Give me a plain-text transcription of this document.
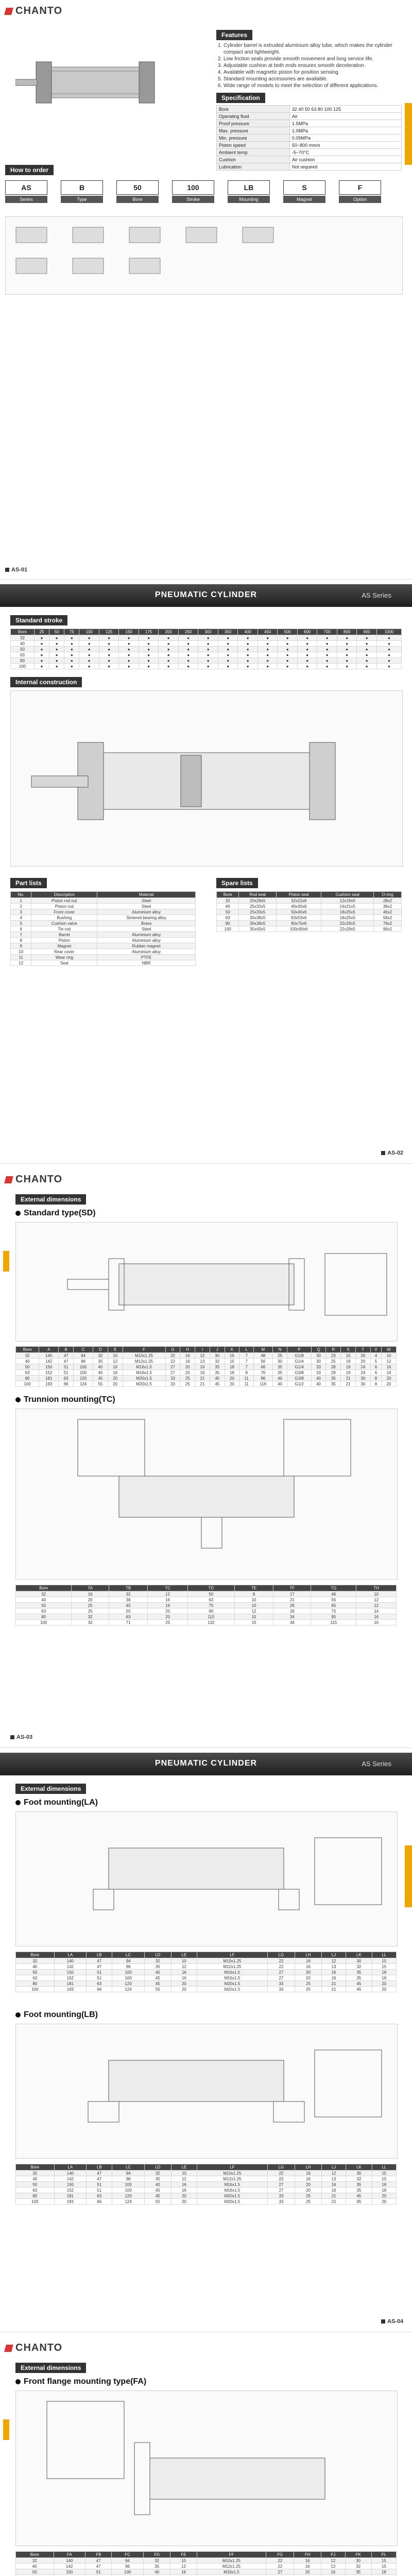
CHANTO
Features
1. Cylinder barrel is extruded aluminium alloy tube, which makes the cylinder compact and lightweight.
2. Low friction seals provide smooth movement and long service life.
3. Adjustable cushion at both ends ensures smooth deceleration.
4. Available with magnetic piston for position sensing.
5. Standard mounting accessories are available.
6. Wide range of models to meet the selection of different applications.
Specification
Bore	32 40 50 63 80 100 125
Operating fluid	Air
Proof pressure	1.5MPa
Max. pressure	1.0MPa
Min. pressure	0.05MPa
Piston speed	50~800 mm/s
Ambient temp.	-5~70°C
Cushion	Air cushion
Lubrication	Not required
How to order
AS-01
AS
Series
B
Type
50
Bore
100
Stroke
LB
Mounting
S
Magnet
F
Option
PNEUMATIC CYLINDER	AS Series
Standard stroke
Bore	25	50	75	100	125	150	175	200	250	300	350	400	450	500	600	700	800	900	1000
32	●	●	●	●	●	●	●	●	●	●	●	●	●	●	●	●	●	●	●
40	●	●	●	●	●	●	●	●	●	●	●	●	●	●	●	●	●	●	●
50	●	●	●	●	●	●	●	●	●	●	●	●	●	●	●	●	●	●	●
63	●	●	●	●	●	●	●	●	●	●	●	●	●	●	●	●	●	●	●
80	●	●	●	●	●	●	●	●	●	●	●	●	●	●	●	●	●	●	●
100	●	●	●	●	●	●	●	●	●	●	●	●	●	●	●	●	●	●	●
Internal construction
Part lists
No.	Description	Material
1	Piston rod nut	Steel
2	Piston rod	Steel
3	Front cover	Aluminium alloy
4	Bushing	Sintered bearing alloy
5	Cushion valve	Brass
6	Tie rod	Steel
7	Barrel	Aluminium alloy
8	Piston	Aluminium alloy
9	Magnet	Rubber magnet
10	Rear cover	Aluminium alloy
11	Wear ring	PTFE
12	Seal	NBR
Spare lists
Bore	Rod seal	Piston seal	Cushion seal	O-ring
32	20x28x5	32x22x6	12x19x5	28x2
40	25x33x5	40x30x6	14x21x5	36x2
50	25x33x5	50x40x6	18x25x5	46x2
63	30x38x5	63x53x6	18x25x5	58x2
80	30x38x5	80x70x6	22x29x5	76x2
100	35x43x5	100x90x6	22x29x5	96x2
AS-02
CHANTO
External dimensions
Standard type(SD)
Bore	A	B	C	D	E	F	G	H	I	J	K	L	M	N	P	Q	R	S	T	V	W
32	140	47	94	32	10	M10x1.25	22	16	12	30	15	7	48	25	G1/8	30	23	15	20	4	10
40	142	47	96	35	12	M12x1.25	22	16	13	32	15	7	56	30	G1/4	30	25	16	20	5	12
50	150	51	100	40	16	M16x1.5	27	20	16	35	18	7	66	35	G1/4	33	28	19	24	6	16
63	152	51	100	45	16	M16x1.5	27	20	16	35	18	9	76	35	G3/8	33	28	19	24	6	16
80	181	63	120	45	20	M20x1.5	33	25	21	45	20	11	96	40	G3/8	40	35	21	30	8	20
100	193	66	124	55	20	M20x1.5	33	25	21	45	20	11	116	40	G1/2	40	35	21	30	8	20
Trunnion mounting(TC)
Bore	TA	TB	TC	TD	TE	TF	TG	TH
32	16	32	12	50	8	17	46	10
40	20	36	16	63	10	21	55	12
50	25	45	16	75	10	26	65	12
63	25	50	20	90	12	26	75	14
80	32	63	20	110	15	34	95	16
100	32	71	25	132	15	34	115	16
AS-03
PNEUMATIC CYLINDER	AS Series
External dimensions
Foot mounting(LA)
Bore	LA	LB	LC	LD	LE	LF	LG	LH	LJ	LK	LL
32	140	47	94	32	10	M10x1.25	22	16	12	30	15
40	142	47	96	35	12	M12x1.25	22	16	13	32	15
50	150	51	100	40	16	M16x1.5	27	20	16	35	18
63	152	51	100	45	16	M16x1.5	27	20	16	35	18
80	181	63	120	45	20	M20x1.5	33	25	21	45	20
100	193	66	124	55	20	M20x1.5	33	25	21	45	20
Foot mounting(LB)
Bore	LA	LB	LC	LD	LE	LF	LG	LH	LJ	LK	LL
32	140	47	94	32	10	M10x1.25	22	16	12	30	15
40	142	47	96	35	12	M12x1.25	22	16	13	32	15
50	150	51	100	40	16	M16x1.5	27	20	16	35	18
63	152	51	100	45	16	M16x1.5	27	20	16	35	18
80	181	63	120	45	20	M20x1.5	33	25	21	45	20
100	193	66	124	55	20	M20x1.5	33	25	21	45	20
AS-04
CHANTO
External dimensions
Front flange mounting type(FA)
Bore	FA	FB	FC	FD	FE	FF	FG	FH	FJ	FK	FL
32	140	47	94	32	10	M10x1.25	22	16	12	30	15
40	142	47	96	35	12	M12x1.25	22	16	13	32	15
50	150	51	100	40	16	M16x1.5	27	20	16	35	18
